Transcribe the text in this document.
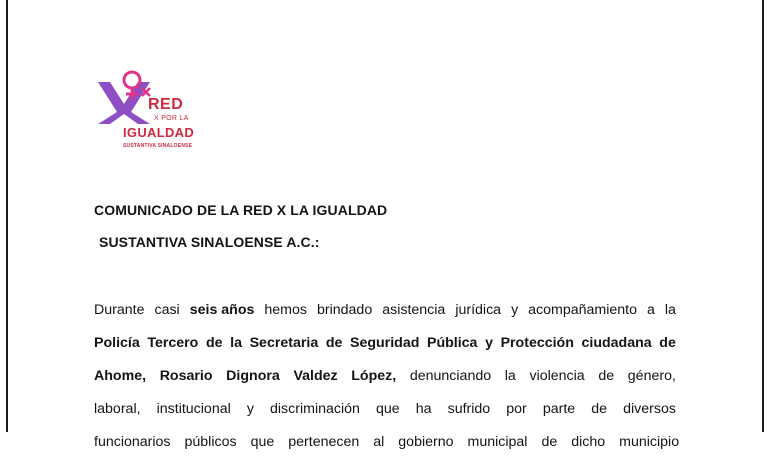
RED
X POR LA
IGUALDAD
SUSTANTIVA SINALOENSE
COMUNICADO DE LA RED X LA IGUALDAD
SUSTANTIVA SINALOENSE A.C.:
Durante casi seis años hemos brindado asistencia jurídica y acompañamiento a la
Policía Tercero de la Secretaria de Seguridad Pública y Protección ciudadana de
Ahome, Rosario Dignora Valdez López, denunciando la violencia de género,
laboral, institucional y discriminación que ha sufrido por parte de diversos
funcionarios públicos que pertenecen al gobierno municipal de dicho municipio
